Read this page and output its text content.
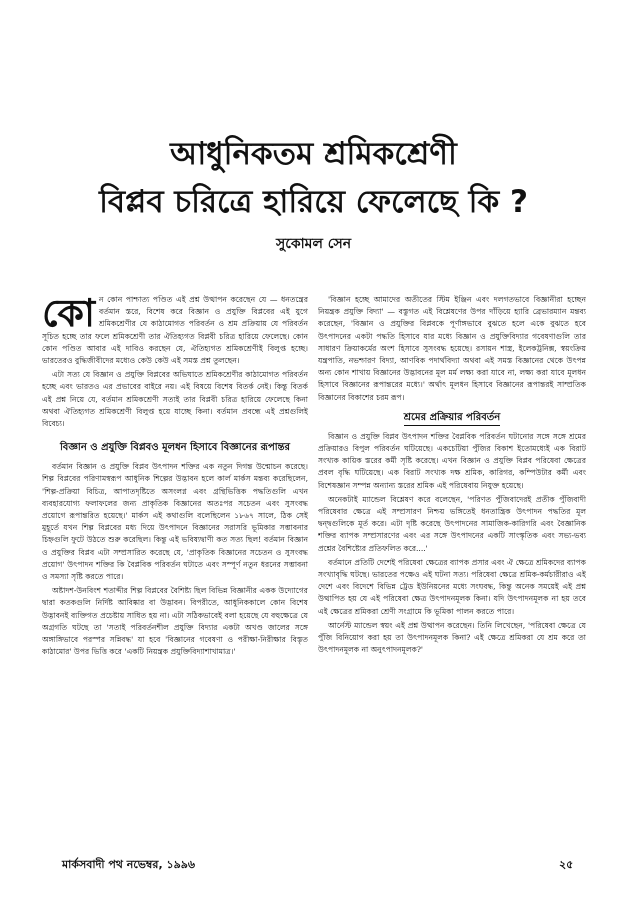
আধুনিকতম শ্রমিকশ্রেণী
বিপ্লব চরিত্রে হারিয়ে ফেলেছে কি ?
সুকোমল সেন

কোন কোন পাশ্চাত্য পণ্ডিত এই প্রশ্ন উত্থাপন করেছেন যে — ধনতন্ত্রের বর্তমান স্তরে, বিশেষ করে বিজ্ঞান ও প্রযুক্তি বিপ্লবের এই যুগে শ্রমিকশ্রেণীর যে কাঠামোগত পরিবর্তন ও শ্রম প্রক্রিয়ায় যে পরিবর্তন সূচিত হচ্ছে তার ফলে শ্রমিকশ্রেণী তার ঐতিহ্যগত বিপ্লবী চরিত্র হারিয়ে ফেলেছে। কোন কোন পণ্ডিত আবার এই দাবিও করছেন যে, ঐতিহ্যগত শ্রমিকশ্রেণীই বিলুপ্ত হচ্ছে। ভারতেরও বুদ্ধিজীবীদের মধ্যেও কেউ কেউ এই সমস্ত প্রশ্ন তুলছেন।

এটা সত্য যে বিজ্ঞান ও প্রযুক্তি বিপ্লবের অভিঘাতে শ্রমিকশ্রেণীর কাঠামোগত পরিবর্তন হচ্ছে এবং ভারতও এর প্রভাবের বাইরে নয়। এই বিষয়ে বিশেষ বিতর্ক নেই। কিন্তু বিতর্ক এই প্রশ্ন নিয়ে যে, বর্তমান শ্রমিকশ্রেণী সত্যই তার বিপ্লবী চরিত্র হারিয়ে ফেলেছে কিনা অথবা ঐতিহ্যগত শ্রমিকশ্রেণী বিলুপ্ত হয়ে যাচ্ছে কিনা। বর্তমান প্রবন্ধে এই প্রশ্নগুলিই বিবেচ্য।

বিজ্ঞান ও প্রযুক্তি বিপ্লবও মূলধন হিসাবে বিজ্ঞানের রূপান্তর

বর্তমান বিজ্ঞান ও প্রযুক্তি বিপ্লব উৎপাদন শক্তির এক নতুন দিগন্ত উন্মোচন করেছে। শিল্প বিপ্লবের পরিণামস্বরূপ আধুনিক শিল্পের উদ্ভাবন হলে কার্ল মার্কস মন্তব্য করেছিলেন, 'শিল্প-প্রক্রিয়া বিচিত্র, আপাতদৃষ্টিতে অসংলগ্ন এবং গ্রন্থিভিত্তিক পদ্ধতিগুলি এখন ব্যবহারযোগ্য ফলাফলের জন্য প্রাকৃতিক বিজ্ঞানের অতঃপর সচেতন এবং সুসংবদ্ধ প্রয়োগে রূপান্তরিত হয়েছে।' মার্কস এই কথাগুলি বলেছিলেন ১৮৬৭ সালে, ঠিক সেই মুহূর্তে যখন শিল্প বিপ্লবের মধ্য দিয়ে উৎপাদনে বিজ্ঞানের সরাসরি ভূমিকার সম্ভাবনার চিহ্নগুলি ফুটে উঠতে শুরু করেছিল। কিন্তু এই ভবিষ্যদ্বাণী কত সত্য ছিল! বর্তমান বিজ্ঞান ও প্রযুক্তির বিপ্লব এটা সম্প্রসারিত করেছে যে, 'প্রাকৃতিক বিজ্ঞানের সচেতন ও সুসংবদ্ধ প্রয়োগ' উৎপাদন শক্তির কি বৈপ্লবিক পরিবর্তন ঘটাতে এবং সম্পূর্ণ নতুন ধরনের সম্ভাবনা ও সমস্যা সৃষ্টি করতে পারে।

অষ্টাদশ-উনবিংশ শতাব্দীর শিল্প বিপ্লবের বৈশিষ্ট্য ছিল বিভিন্ন বিজ্ঞানীর একক উদ্যোগের দ্বারা কতকগুলি নির্দিষ্ট আবিষ্কার বা উদ্ভাবন। বিপরীতে, আধুনিককালে কোন বিশেষ উদ্ভাবনই ব্যক্তিগত প্রচেষ্টায় সাধিত হয় না। এটা সঠিকভাবেই বলা হয়েছে যে বহুক্ষেত্রে যে অগ্রগতি ঘটছে তা 'সতাই পরিবর্তনশীল প্রযুক্তি বিদ্যার একটা অখণ্ড জালের সঙ্গে অঙ্গাঙ্গিভাবে পরস্পর সন্নিবদ্ধ' যা হবে 'বিজ্ঞানের গবেষণা ও পরীক্ষা-নিরীক্ষার বিস্তৃত কাঠামোর' উপর ভিত্তি করে 'একটি নিয়ন্ত্রক প্রযুক্তিবিদ্যাশাখামাত্র।'

'বিজ্ঞান হচ্ছে আমাদের অতীতের স্টিম ইঞ্জিন এবং দলগতভাবে বিজ্ঞানীরা হচ্ছেন নিয়ন্ত্রক প্রযুক্তি বিদ্যা' — বস্তুগত এই বিশ্লেষণের উপর দাঁড়িয়ে হ্যারি ব্রেভারম্যান মন্তব্য করেছেন, 'বিজ্ঞান ও প্রযুক্তির বিপ্লবকে পূর্ণাঙ্গভাবে বুঝতে হলে একে বুঝতে হবে উৎপাদনের একটা পদ্ধতি হিসাবে যার মধ্যে বিজ্ঞান ও প্রযুক্তিবিদ্যার গবেষণাগুলি তার সাধারণ ক্রিয়াকর্মের অংশ হিসাবে সুসংবদ্ধ হয়েছে। রসায়ন শাস্ত্র, ইলেকট্রনিক্স, স্বয়ংক্রিয় যন্ত্রপাতি, নভশ্চারণ বিদ্যা, আণবিক পদার্থবিদ্যা অথবা এই সমস্ত বিজ্ঞানের থেকে উৎপন্ন অন্য কোন শাখায় বিজ্ঞানের উদ্ভাবনের মূল মর্ম লক্ষ্য করা যাবে না, লক্ষ্য করা যাবে মূলধন হিসাবে বিজ্ঞানের রূপান্তরের মধ্যে।' অর্থাৎ মূলধন হিসাবে বিজ্ঞানের রূপান্তরই সাম্প্রতিক বিজ্ঞানের বিকাশের চরম রূপ।

শ্রমের প্রক্রিয়ার পরিবর্তন

বিজ্ঞান ও প্রযুক্তি বিপ্লব উৎপাদন শক্তির বৈপ্লবিক পরিবর্তন ঘটানোর সঙ্গে সঙ্গে শ্রমের প্রক্রিয়ারও বিপুল পরিবর্তন ঘটিয়েছে। একচেটিয়া পুঁজির বিকাশ ইতোমধ্যেই এক বিরাট সংখ্যক কায়িক স্তরের কর্মী সৃষ্টি করেছে। এখন বিজ্ঞান ও প্রযুক্তি বিপ্লব পরিষেবা ক্ষেত্রের প্রবল বৃদ্ধি ঘটিয়েছে। এক বিরাট সংখ্যক দক্ষ শ্রমিক, কারিগর, কম্পিউটার কর্মী এবং বিশেষজ্ঞান সম্পন্ন অন্যান্য স্তরের শ্রমিক এই পরিষেবায় নিযুক্ত হয়েছে।

অনেকটাই ম্যান্ডেল বিশ্লেষণ করে বলেছেন, 'পরিণত পুঁজিবাদেরই প্রতীক পুঁজিবাদী পরিষেবার ক্ষেত্রে এই সম্প্রসারণ নিশ্চয় ভঙ্গিতেই ধনতান্ত্রিক উৎপাদন পদ্ধতির মূল দ্বন্দ্বগুলিকে মূর্ত করে। এটা দৃষ্টি করেছে উৎপাদনের সামাজিক-কারিগরি এবং বৈজ্ঞানিক শক্তির ব্যাপক সম্প্রসারণের এবং এর সঙ্গে উৎপাদনের একটি সাংস্কৃতিক এবং সভ্য-ভব্য প্রশ্নের বৈশিষ্ট্যের প্রতিফলিত করে....'

বর্তমানে প্রতিটি দেশেই পরিষেবা ক্ষেত্রের ব্যাপক প্রসার এবং ঐ ক্ষেত্রে শ্রমিকদের ব্যাপক সংখ্যাবৃদ্ধি ঘটছে। ভারতের পক্ষেও এই ঘটনা সত্য। পরিষেবা ক্ষেত্রে শ্রমিক-কর্মচারীরাও এই দেশে এবং বিদেশে বিভিন্ন ট্রেড ইউনিয়নের মধ্যে সংঘবদ্ধ, কিন্তু অনেক সময়েই এই প্রশ্ন উত্থাপিত হয় যে এই পরিষেবা ক্ষেত্র উৎপাদনমূলক কিনা। যদি উৎপাদনমূলক না হয় তবে এই ক্ষেত্রের শ্রমিকরা শ্রেণী সংগ্রামে কি ভূমিকা পালন করতে পারে।

আর্নেস্ট ম্যান্ডেল স্বয়ং এই প্রশ্ন উত্থাপন করেছেন। তিনি লিখেছেন, 'পরিষেবা ক্ষেত্রে যে পুঁজি বিনিয়োগ করা হয় তা উৎপাদনমূলক কিনা? এই ক্ষেত্রে শ্রমিকরা যে শ্রম করে তা উৎপাদনমূলক না অনুৎপাদনমূলক?'

মার্কসবাদী পথ নভেম্বর, ১৯৯৬	২৫
